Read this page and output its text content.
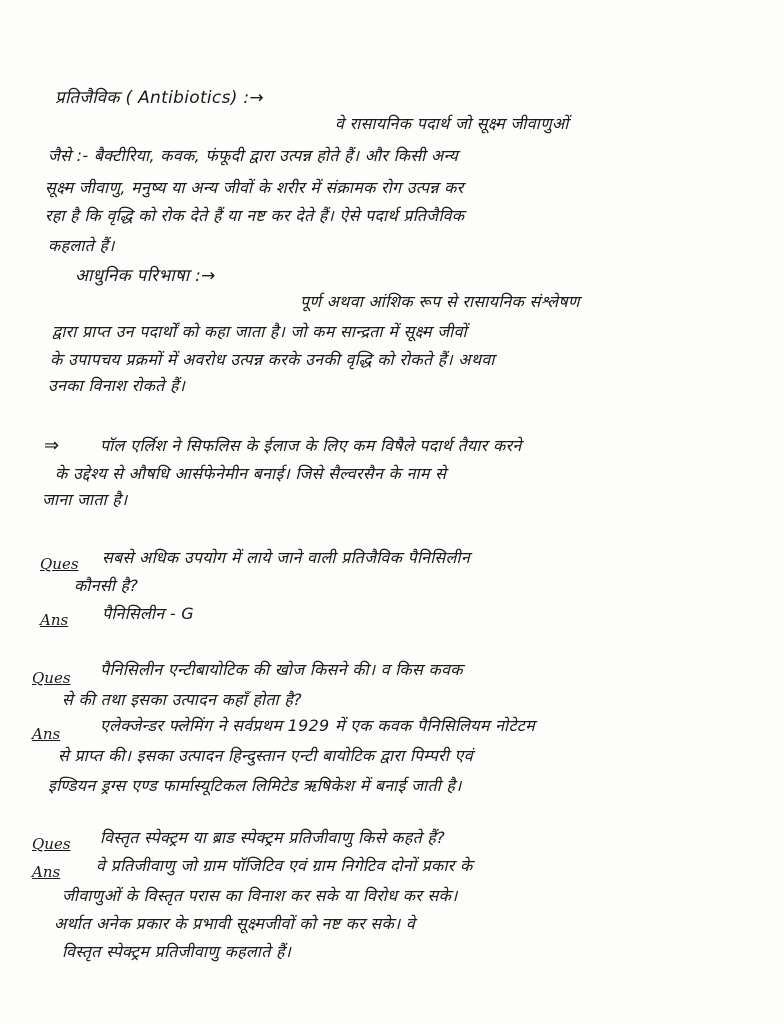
प्रतिजैविक ( Antibiotics) :→
वे रासायनिक पदार्थ जो सूक्ष्म जीवाणुओं
जैसे :- बैक्टीरिया, कवक, फंफूदी द्वारा उत्पन्न होते हैं। और किसी अन्य
सूक्ष्म जीवाणु, मनुष्य या अन्य जीवों के शरीर में संक्रामक रोग उत्पन्न कर
रहा है कि वृद्धि को रोक देते हैं या नष्ट कर देते हैं। ऐसे पदार्थ प्रतिजैविक
कहलाते हैं।
आधुनिक परिभाषा :→
पूर्ण अथवा आंशिक रूप से रासायनिक संश्लेषण
द्वारा प्राप्त उन पदार्थों को कहा जाता है। जो कम सान्द्रता में सूक्ष्म जीवों
के उपापचय प्रक्रमों में अवरोध उत्पन्न करके उनकी वृद्धि को रोकते हैं। अथवा
उनका विनाश रोकते हैं।
⇒	पॉल एर्लिश ने सिफलिस के ईलाज के लिए कम विषैले पदार्थ तैयार करने
के उद्देश्य से औषधि आर्सफेनेमीन बनाई। जिसे सैल्वरसैन के नाम से
जाना जाता है।
Ques सबसे अधिक उपयोग में लाये जाने वाली प्रतिजैविक पैनिसिलीन
कौनसी है?
Ans पैनिसिलीन - G
Ques पैनिसिलीन एन्टीबायोटिक की खोज किसने की। व किस कवक
से की तथा इसका उत्पादन कहाँ होता है?
Ans एलेक्जेन्डर फ्लेमिंग ने सर्वप्रथम 1929 में एक कवक पैनिसिलियम नोटेटम
से प्राप्त की। इसका उत्पादन हिन्दुस्तान एन्टी बायोटिक द्वारा पिम्परी एवं
इण्डियन ड्रग्स एण्ड फार्मास्यूटिकल लिमिटेड ऋषिकेश में बनाई जाती है।
Ques विस्तृत स्पेक्ट्रम या ब्राड स्पेक्ट्रम प्रतिजीवाणु किसे कहते हैं?
Ans वे प्रतिजीवाणु जो ग्राम पॉजिटिव एवं ग्राम निगेटिव दोनों प्रकार के
जीवाणुओं के विस्तृत परास का विनाश कर सके या विरोध कर सके।
अर्थात अनेक प्रकार के प्रभावी सूक्ष्मजीवों को नष्ट कर सके। वे
विस्तृत स्पेक्ट्रम प्रतिजीवाणु कहलाते हैं।
